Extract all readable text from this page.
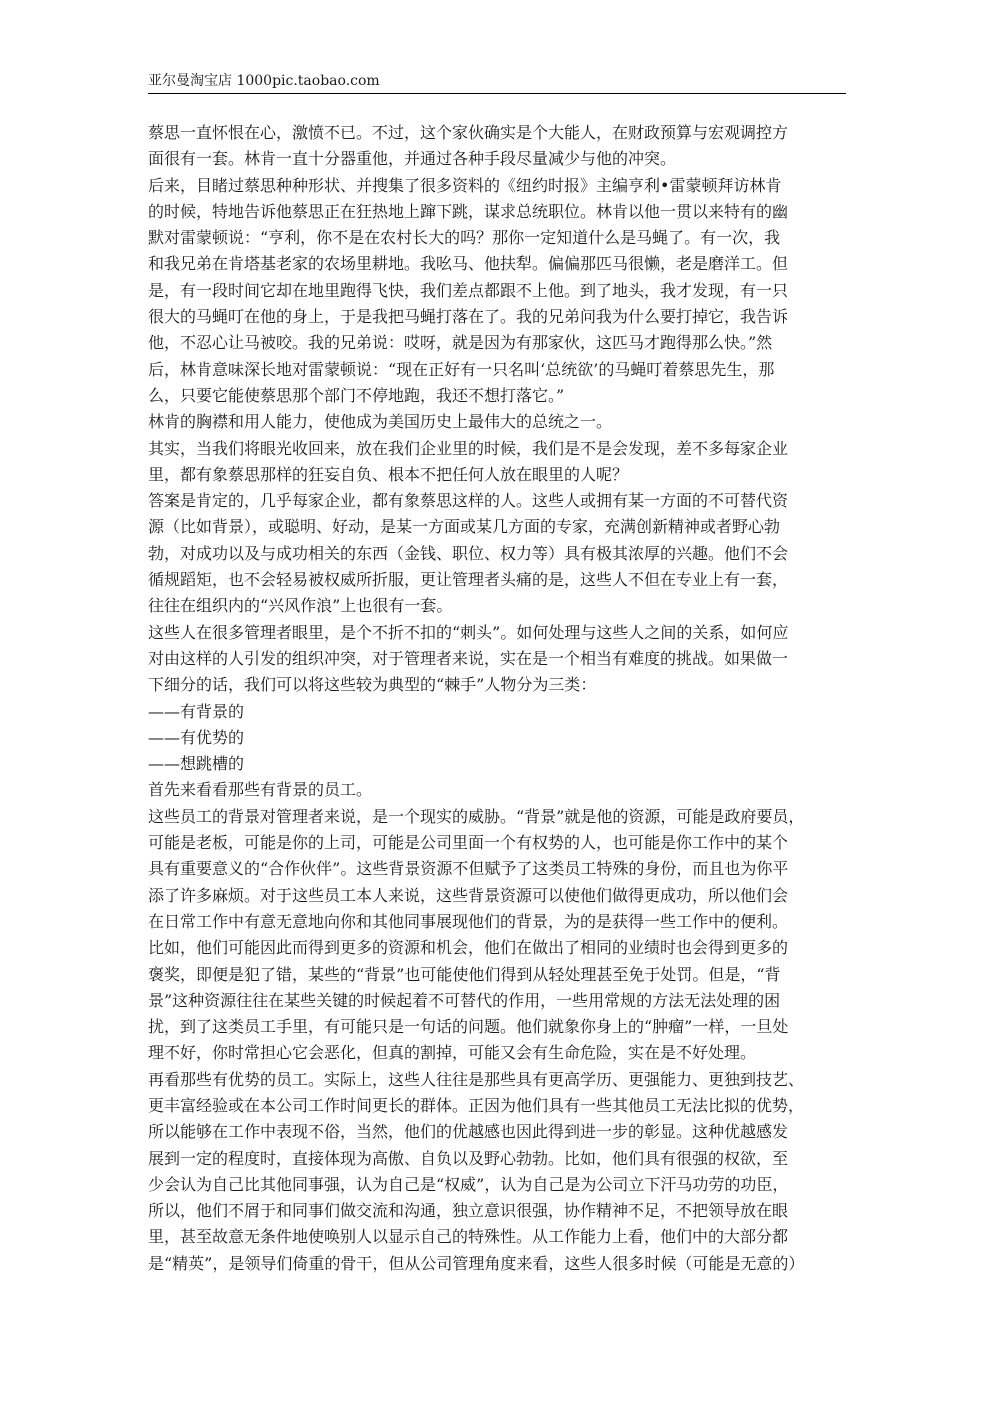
亚尔曼淘宝店 1000pic.taobao.com
蔡思一直怀恨在心，激愤不已。不过，这个家伙确实是个大能人，在财政预算与宏观调控方
面很有一套。林肯一直十分器重他，并通过各种手段尽量减少与他的冲突。
后来，目睹过蔡思种种形状、并搜集了很多资料的《纽约时报》主编亨利•雷蒙顿拜访林肯
的时候，特地告诉他蔡思正在狂热地上蹿下跳，谋求总统职位。林肯以他一贯以来特有的幽
默对雷蒙顿说：“亨利，你不是在农村长大的吗？那你一定知道什么是马蝇了。有一次，我
和我兄弟在肯塔基老家的农场里耕地。我吆马、他扶犁。偏偏那匹马很懒，老是磨洋工。但
是，有一段时间它却在地里跑得飞快，我们差点都跟不上他。到了地头，我才发现，有一只
很大的马蝇叮在他的身上，于是我把马蝇打落在了。我的兄弟问我为什么要打掉它，我告诉
他，不忍心让马被咬。我的兄弟说：哎呀，就是因为有那家伙，这匹马才跑得那么快。”然
后，林肯意味深长地对雷蒙顿说：“现在正好有一只名叫‘总统欲’的马蝇叮着蔡思先生，那
么，只要它能使蔡思那个部门不停地跑，我还不想打落它。”
林肯的胸襟和用人能力，使他成为美国历史上最伟大的总统之一。
其实，当我们将眼光收回来，放在我们企业里的时候，我们是不是会发现，差不多每家企业
里，都有象蔡思那样的狂妄自负、根本不把任何人放在眼里的人呢？
答案是肯定的，几乎每家企业，都有象蔡思这样的人。这些人或拥有某一方面的不可替代资
源（比如背景），或聪明、好动，是某一方面或某几方面的专家，充满创新精神或者野心勃
勃，对成功以及与成功相关的东西（金钱、职位、权力等）具有极其浓厚的兴趣。他们不会
循规蹈矩，也不会轻易被权威所折服，更让管理者头痛的是，这些人不但在专业上有一套，
往往在组织内的“兴风作浪”上也很有一套。
这些人在很多管理者眼里，是个不折不扣的“刺头”。如何处理与这些人之间的关系，如何应
对由这样的人引发的组织冲突，对于管理者来说，实在是一个相当有难度的挑战。如果做一
下细分的话，我们可以将这些较为典型的“棘手”人物分为三类：
——有背景的
——有优势的
——想跳槽的
首先来看看那些有背景的员工。
这些员工的背景对管理者来说，是一个现实的威胁。“背景”就是他的资源，可能是政府要员，
可能是老板，可能是你的上司，可能是公司里面一个有权势的人，也可能是你工作中的某个
具有重要意义的“合作伙伴”。这些背景资源不但赋予了这类员工特殊的身份，而且也为你平
添了许多麻烦。对于这些员工本人来说，这些背景资源可以使他们做得更成功，所以他们会
在日常工作中有意无意地向你和其他同事展现他们的背景，为的是获得一些工作中的便利。
比如，他们可能因此而得到更多的资源和机会，他们在做出了相同的业绩时也会得到更多的
褒奖，即便是犯了错，某些的“背景”也可能使他们得到从轻处理甚至免于处罚。但是，“背
景”这种资源往往在某些关键的时候起着不可替代的作用，一些用常规的方法无法处理的困
扰，到了这类员工手里，有可能只是一句话的问题。他们就象你身上的“肿瘤”一样，一旦处
理不好，你时常担心它会恶化，但真的割掉，可能又会有生命危险，实在是不好处理。
再看那些有优势的员工。实际上，这些人往往是那些具有更高学历、更强能力、更独到技艺、
更丰富经验或在本公司工作时间更长的群体。正因为他们具有一些其他员工无法比拟的优势，
所以能够在工作中表现不俗，当然，他们的优越感也因此得到进一步的彰显。这种优越感发
展到一定的程度时，直接体现为高傲、自负以及野心勃勃。比如，他们具有很强的权欲，至
少会认为自己比其他同事强，认为自己是“权威”，认为自己是为公司立下汗马功劳的功臣，
所以，他们不屑于和同事们做交流和沟通，独立意识很强，协作精神不足，不把领导放在眼
里，甚至故意无条件地使唤别人以显示自己的特殊性。从工作能力上看，他们中的大部分都
是“精英”，是领导们倚重的骨干，但从公司管理角度来看，这些人很多时候（可能是无意的）
